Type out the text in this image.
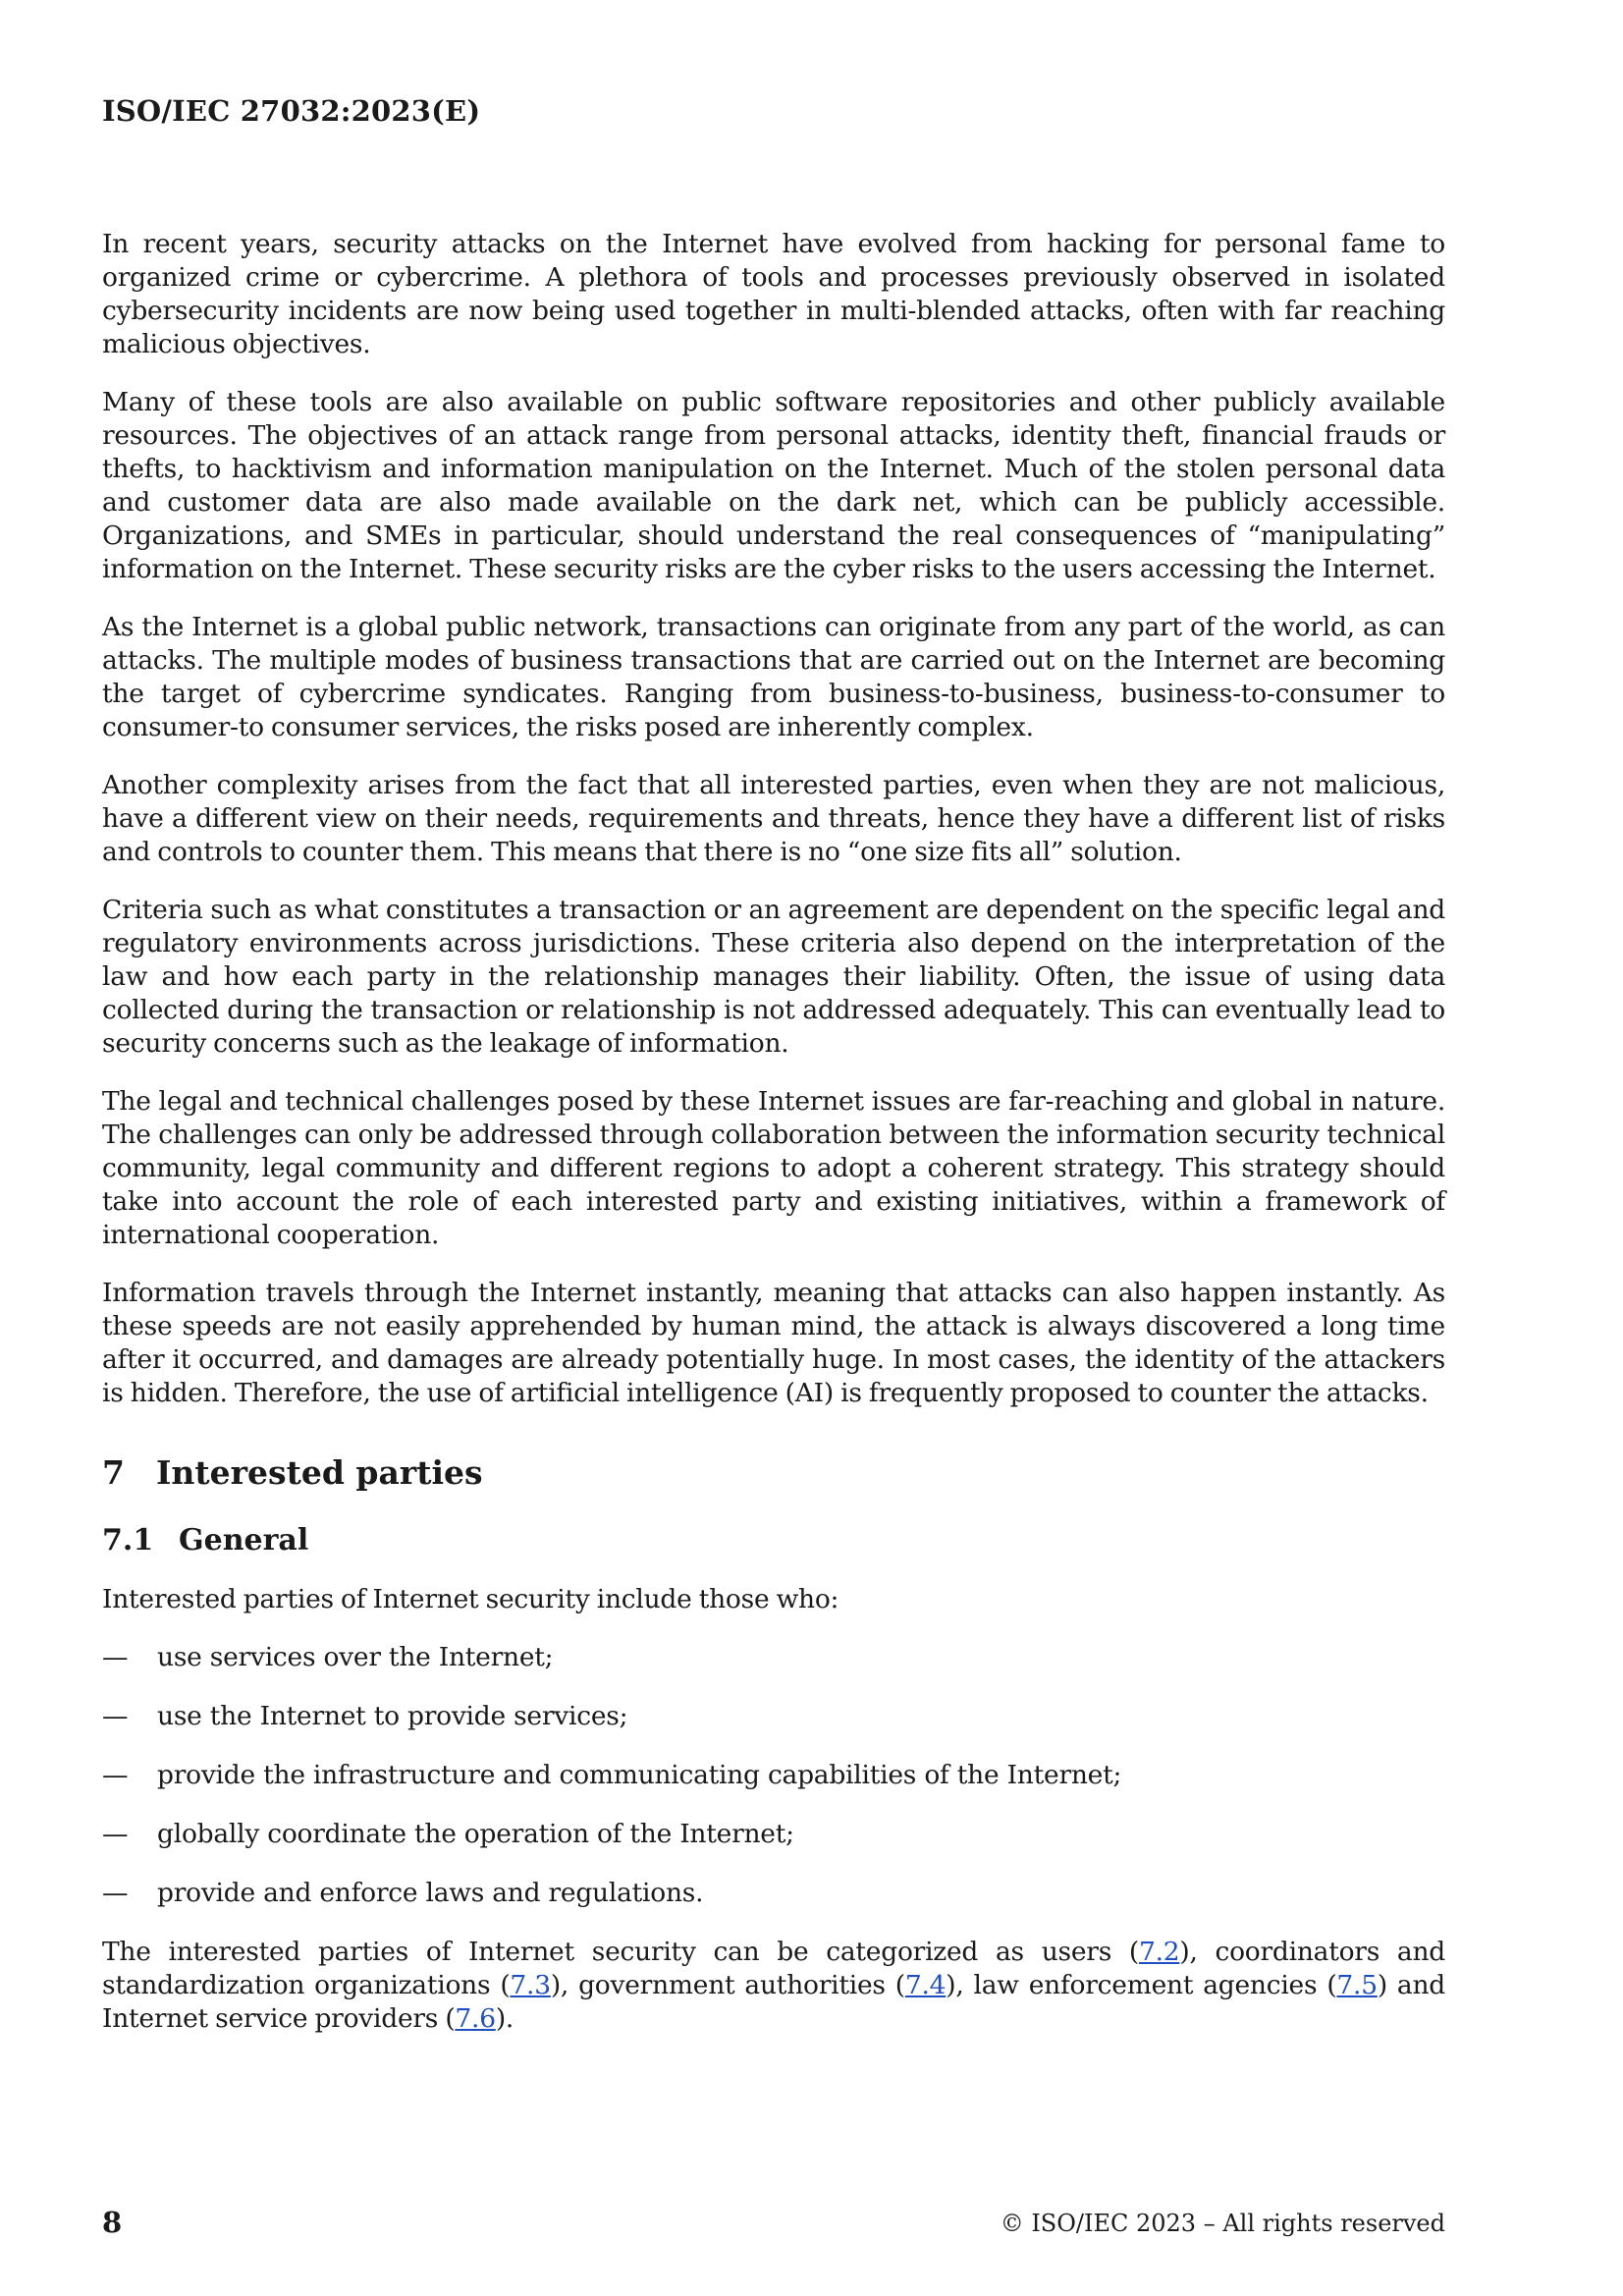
ISO/IEC 27032:2023(E)

In recent years, security attacks on the Internet have evolved from hacking for personal fame to organized crime or cybercrime. A plethora of tools and processes previously observed in isolated cybersecurity incidents are now being used together in multi-blended attacks, often with far reaching malicious objectives.

Many of these tools are also available on public software repositories and other publicly available resources. The objectives of an attack range from personal attacks, identity theft, financial frauds or thefts, to hacktivism and information manipulation on the Internet. Much of the stolen personal data and customer data are also made available on the dark net, which can be publicly accessible. Organizations, and SMEs in particular, should understand the real consequences of “manipulating” information on the Internet. These security risks are the cyber risks to the users accessing the Internet.

As the Internet is a global public network, transactions can originate from any part of the world, as can attacks. The multiple modes of business transactions that are carried out on the Internet are becoming the target of cybercrime syndicates. Ranging from business-to-business, business-to-consumer to consumer-to consumer services, the risks posed are inherently complex.

Another complexity arises from the fact that all interested parties, even when they are not malicious, have a different view on their needs, requirements and threats, hence they have a different list of risks and controls to counter them. This means that there is no “one size fits all” solution.

Criteria such as what constitutes a transaction or an agreement are dependent on the specific legal and regulatory environments across jurisdictions. These criteria also depend on the interpretation of the law and how each party in the relationship manages their liability. Often, the issue of using data collected during the transaction or relationship is not addressed adequately. This can eventually lead to security concerns such as the leakage of information.

The legal and technical challenges posed by these Internet issues are far-reaching and global in nature. The challenges can only be addressed through collaboration between the information security technical community, legal community and different regions to adopt a coherent strategy. This strategy should take into account the role of each interested party and existing initiatives, within a framework of international cooperation.

Information travels through the Internet instantly, meaning that attacks can also happen instantly. As these speeds are not easily apprehended by human mind, the attack is always discovered a long time after it occurred, and damages are already potentially huge. In most cases, the identity of the attackers is hidden. Therefore, the use of artificial intelligence (AI) is frequently proposed to counter the attacks.

7 Interested parties
7.1 General

Interested parties of Internet security include those who:

—	use services over the Internet;
—	use the Internet to provide services;
—	provide the infrastructure and communicating capabilities of the Internet;
—	globally coordinate the operation of the Internet;
—	provide and enforce laws and regulations.

The interested parties of Internet security can be categorized as users (7.2), coordinators and standardization organizations (7.3), government authorities (7.4), law enforcement agencies (7.5) and Internet service providers (7.6).

8	© ISO/IEC 2023 – All rights reserved
